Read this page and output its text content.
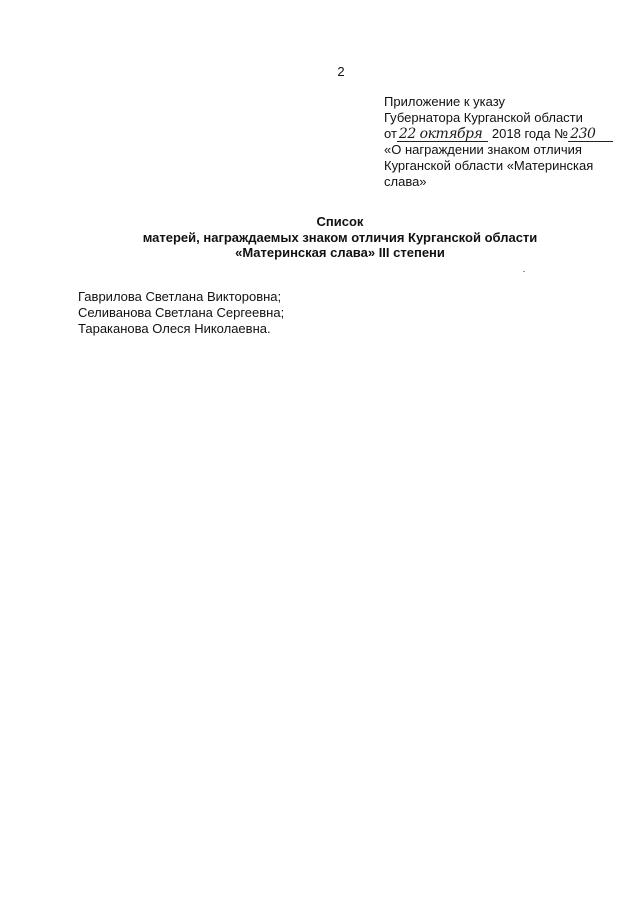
2
Приложение к указу
Губернатора Курганской области
от 22 октября 2018 года № 230
«О награждении знаком отличия
Курганской области «Материнская
слава»
Список
матерей, награждаемых знаком отличия Курганской области
«Материнская слава» III степени
Гаврилова Светлана Викторовна;
Селиванова Светлана Сергеевна;
Тараканова Олеся Николаевна.
